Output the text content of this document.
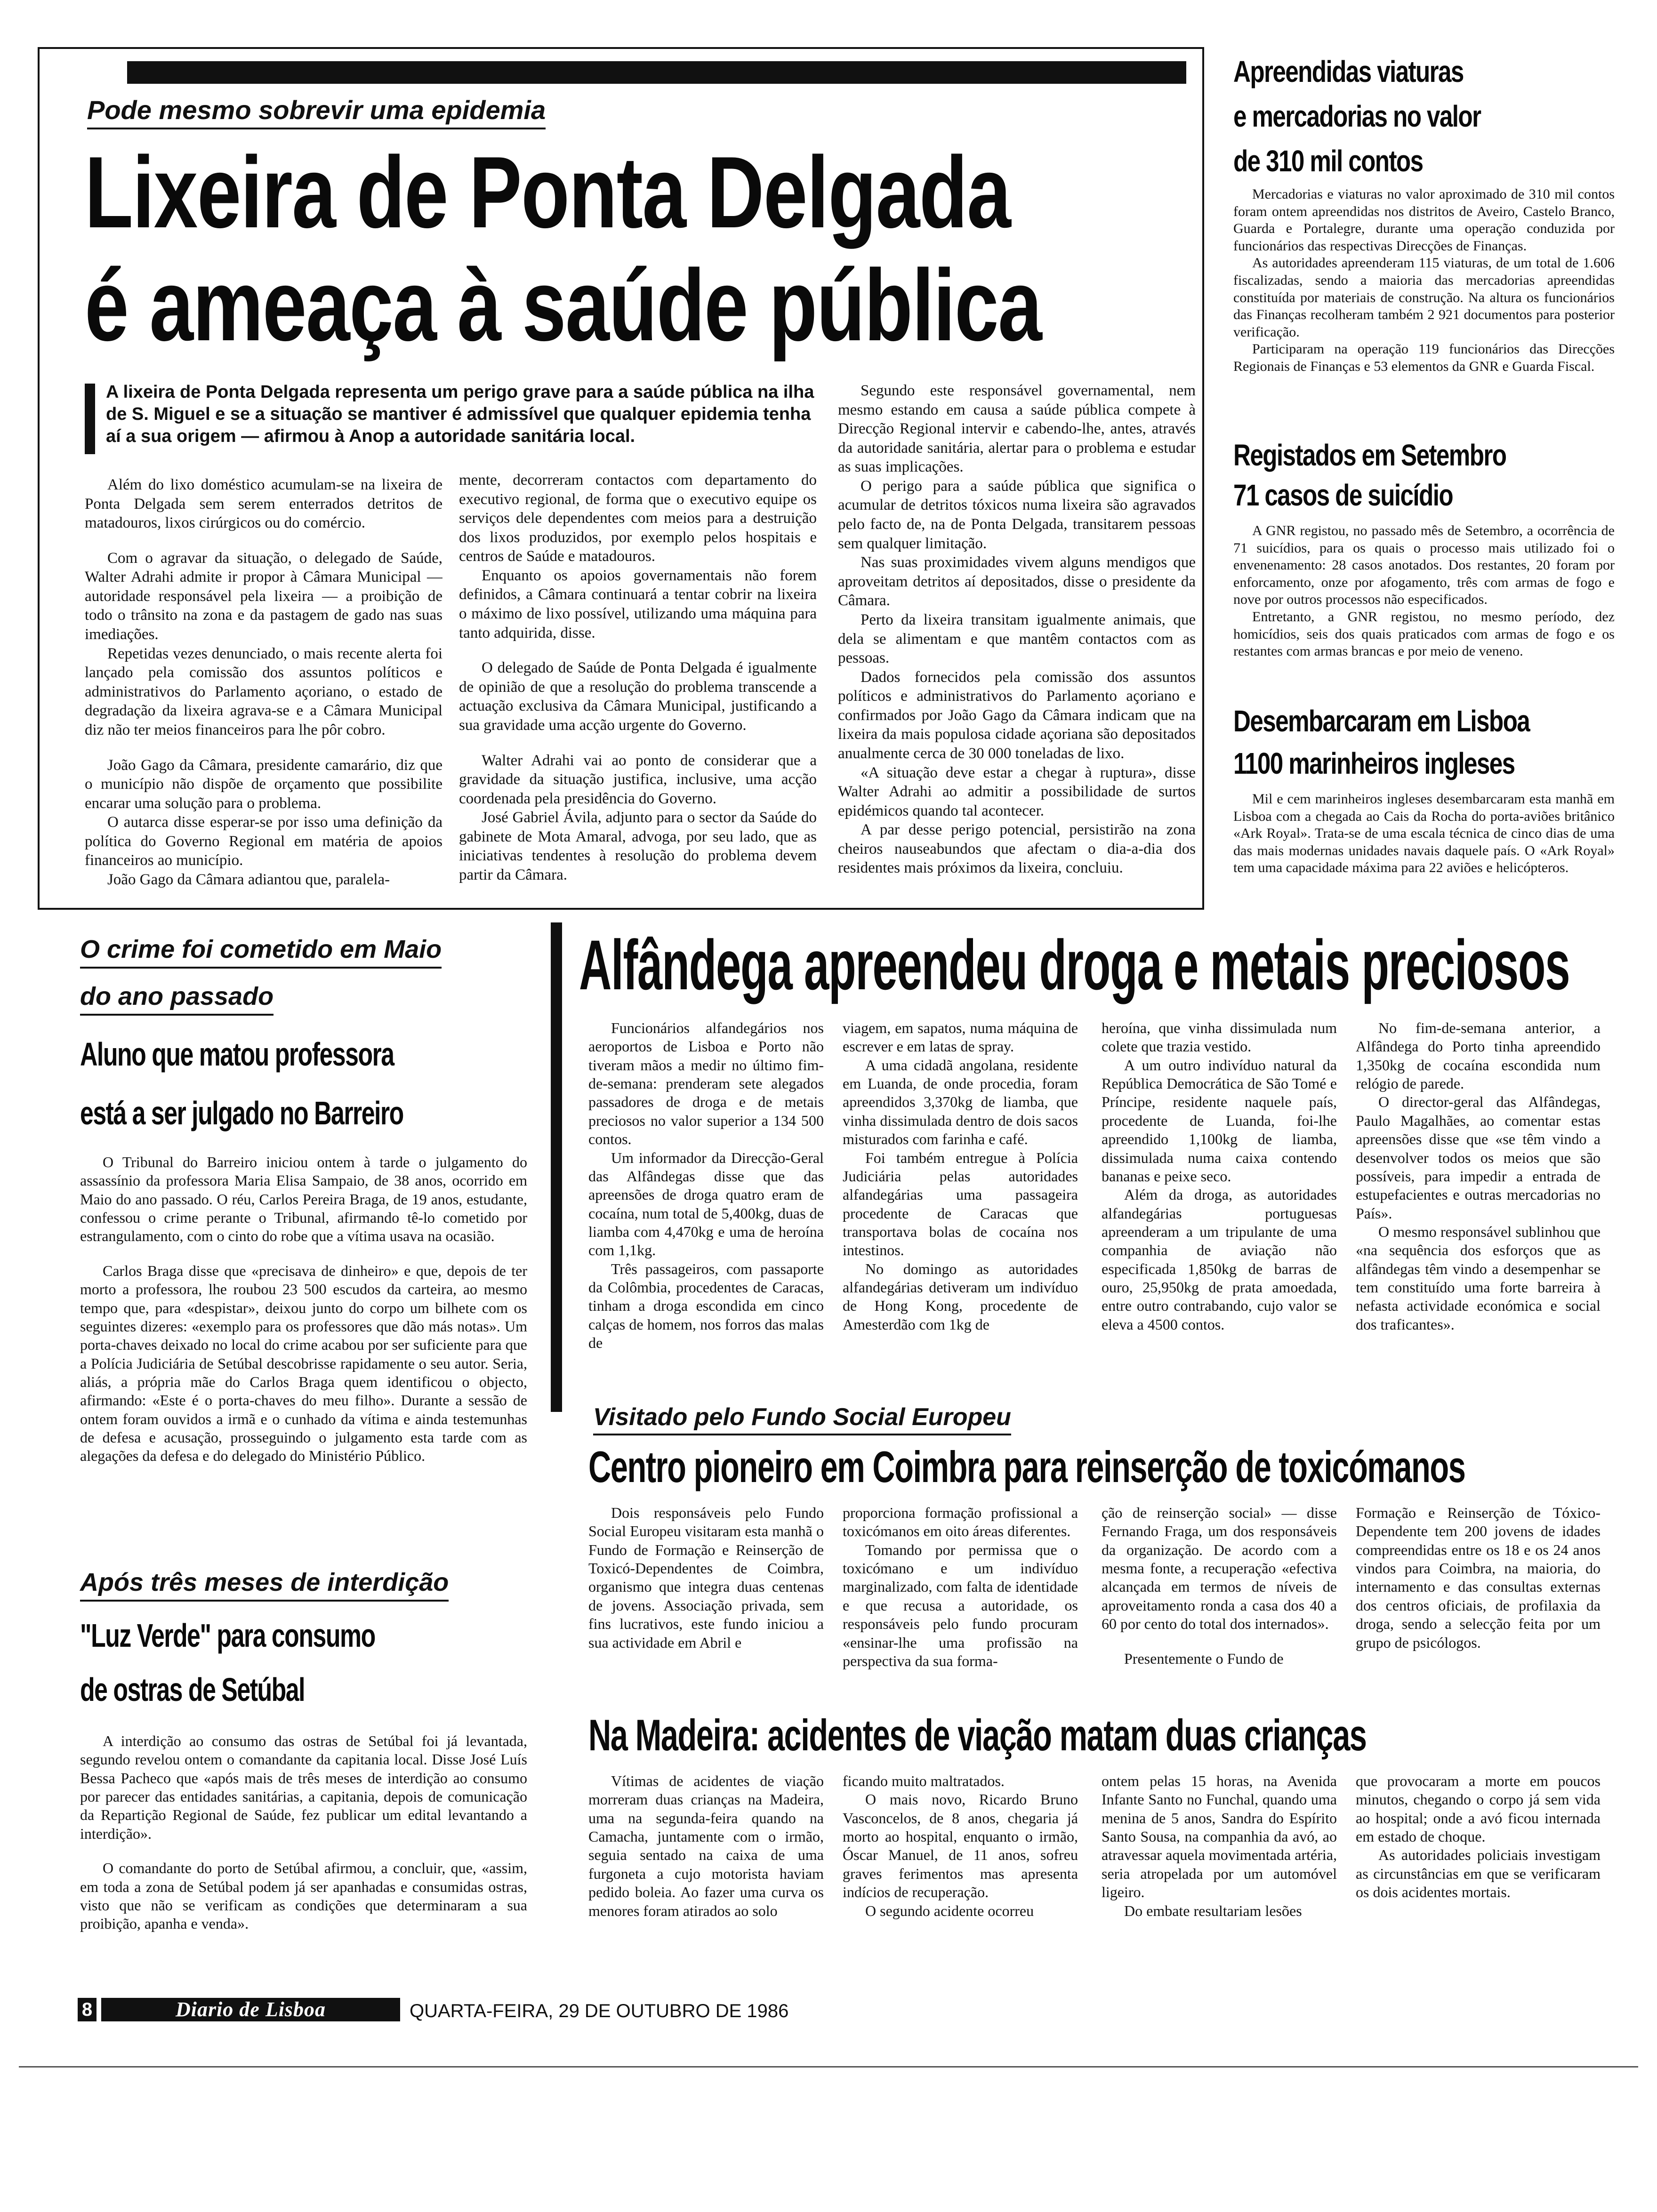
Pode mesmo sobrevir uma epidemia
Lixeira de Ponta Delgada
é ameaça à saúde pública
A lixeira de Ponta Delgada representa um perigo grave para a saúde pública na ilha de S. Miguel e se a situação se mantiver é admissível que qualquer epidemia tenha aí a sua origem — afirmou à Anop a autoridade sanitária local.

Além do lixo doméstico acumulam-se na lixeira de Ponta Delgada sem serem enterrados detritos de matadouros, lixos cirúrgicos ou do comércio.

Com o agravar da situação, o delegado de Saúde, Walter Adrahi admite ir propor à Câmara Municipal — autoridade responsável pela lixeira — a proibição de todo o trânsito na zona e da pastagem de gado nas suas imediações.

Repetidas vezes denunciado, o mais recente alerta foi lançado pela comissão dos assuntos políticos e administrativos do Parlamento açoriano, o estado de degradação da lixeira agrava-se e a Câmara Municipal diz não ter meios financeiros para lhe pôr cobro.

João Gago da Câmara, presidente camarário, diz que o município não dispõe de orçamento que possibilite encarar uma solução para o problema.

O autarca disse esperar-se por isso uma definição da política do Governo Regional em matéria de apoios financeiros ao município.

João Gago da Câmara adiantou que, paralela-

mente, decorreram contactos com departamento do executivo regional, de forma que o executivo equipe os serviços dele dependentes com meios para a destruição dos lixos produzidos, por exemplo pelos hospitais e centros de Saúde e matadouros.

Enquanto os apoios governamentais não forem definidos, a Câmara continuará a tentar cobrir na lixeira o máximo de lixo possível, utilizando uma máquina para tanto adquirida, disse.

O delegado de Saúde de Ponta Delgada é igualmente de opinião de que a resolução do problema transcende a actuação exclusiva da Câmara Municipal, justificando a sua gravidade uma acção urgente do Governo.

Walter Adrahi vai ao ponto de considerar que a gravidade da situação justifica, inclusive, uma acção coordenada pela presidência do Governo.

José Gabriel Ávila, adjunto para o sector da Saúde do gabinete de Mota Amaral, advoga, por seu lado, que as iniciativas tendentes à resolução do problema devem partir da Câmara.

Segundo este responsável governamental, nem mesmo estando em causa a saúde pública compete à Direcção Regional intervir e cabendo-lhe, antes, através da autoridade sanitária, alertar para o problema e estudar as suas implicações.

O perigo para a saúde pública que significa o acumular de detritos tóxicos numa lixeira são agravados pelo facto de, na de Ponta Delgada, transitarem pessoas sem qualquer limitação.

Nas suas proximidades vivem alguns mendigos que aproveitam detritos aí depositados, disse o presidente da Câmara.

Perto da lixeira transitam igualmente animais, que dela se alimentam e que mantêm contactos com as pessoas.

Dados fornecidos pela comissão dos assuntos políticos e administrativos do Parlamento açoriano e confirmados por João Gago da Câmara indicam que na lixeira da mais populosa cidade açoriana são depositados anualmente cerca de 30 000 toneladas de lixo.

«A situação deve estar a chegar à ruptura», disse Walter Adrahi ao admitir a possibilidade de surtos epidémicos quando tal acontecer.

A par desse perigo potencial, persistirão na zona cheiros nauseabundos que afectam o dia-a-dia dos residentes mais próximos da lixeira, concluiu.

Apreendidas viaturas
e mercadorias no valor
de 310 mil contos

Mercadorias e viaturas no valor aproximado de 310 mil contos foram ontem apreendidas nos distritos de Aveiro, Castelo Branco, Guarda e Portalegre, durante uma operação conduzida por funcionários das respectivas Direcções de Finanças.

As autoridades apreenderam 115 viaturas, de um total de 1.606 fiscalizadas, sendo a maioria das mercadorias apreendidas constituída por materiais de construção. Na altura os funcionários das Finanças recolheram também 2 921 documentos para posterior verificação.

Participaram na operação 119 funcionários das Direcções Regionais de Finanças e 53 elementos da GNR e Guarda Fiscal.

Registados em Setembro
71 casos de suicídio

A GNR registou, no passado mês de Setembro, a ocorrência de 71 suicídios, para os quais o processo mais utilizado foi o envenenamento: 28 casos anotados. Dos restantes, 20 foram por enforcamento, onze por afogamento, três com armas de fogo e nove por outros processos não especificados.

Entretanto, a GNR registou, no mesmo período, dez homicídios, seis dos quais praticados com armas de fogo e os restantes com armas brancas e por meio de veneno.

Desembarcaram em Lisboa
1100 marinheiros ingleses

Mil e cem marinheiros ingleses desembarcaram esta manhã em Lisboa com a chegada ao Cais da Rocha do porta-aviões britânico «Ark Royal». Trata-se de uma escala técnica de cinco dias de uma das mais modernas unidades navais daquele país. O «Ark Royal» tem uma capacidade máxima para 22 aviões e helicópteros.

O crime foi cometido em Maio
do ano passado
Aluno que matou professora
está a ser julgado no Barreiro

O Tribunal do Barreiro iniciou ontem à tarde o julgamento do assassínio da professora Maria Elisa Sampaio, de 38 anos, ocorrido em Maio do ano passado. O réu, Carlos Pereira Braga, de 19 anos, estudante, confessou o crime perante o Tribunal, afirmando tê-lo cometido por estrangulamento, com o cinto do robe que a vítima usava na ocasião.

Carlos Braga disse que «precisava de dinheiro» e que, depois de ter morto a professora, lhe roubou 23 500 escudos da carteira, ao mesmo tempo que, para «despistar», deixou junto do corpo um bilhete com os seguintes dizeres: «exemplo para os professores que dão más notas». Um porta-chaves deixado no local do crime acabou por ser suficiente para que a Polícia Judiciária de Setúbal descobrisse rapidamente o seu autor. Seria, aliás, a própria mãe do Carlos Braga quem identificou o objecto, afirmando: «Este é o porta-chaves do meu filho». Durante a sessão de ontem foram ouvidos a irmã e o cunhado da vítima e ainda testemunhas de defesa e acusação, prosseguindo o julgamento esta tarde com as alegações da defesa e do delegado do Ministério Público.

Após três meses de interdição
"Luz Verde" para consumo
de ostras de Setúbal

A interdição ao consumo das ostras de Setúbal foi já levantada, segundo revelou ontem o comandante da capitania local. Disse José Luís Bessa Pacheco que «após mais de três meses de interdição ao consumo por parecer das entidades sanitárias, a capitania, depois de comunicação da Repartição Regional de Saúde, fez publicar um edital levantando a interdição».

O comandante do porto de Setúbal afirmou, a concluir, que, «assim, em toda a zona de Setúbal podem já ser apanhadas e consumidas ostras, visto que não se verificam as condições que determinaram a sua proibição, apanha e venda».

Alfândega apreendeu droga e metais preciosos

Funcionários alfandegários nos aeroportos de Lisboa e Porto não tiveram mãos a medir no último fim-de-semana: prenderam sete alegados passadores de droga e de metais preciosos no valor superior a 134 500 contos.

Um informador da Direcção-Geral das Alfândegas disse que das apreensões de droga quatro eram de cocaína, num total de 5,400kg, duas de liamba com 4,470kg e uma de heroína com 1,1kg.

Três passageiros, com passaporte da Colômbia, procedentes de Caracas, tinham a droga escondida em cinco calças de homem, nos forros das malas de

viagem, em sapatos, numa máquina de escrever e em latas de spray.

A uma cidadã angolana, residente em Luanda, de onde procedia, foram apreendidos 3,370kg de liamba, que vinha dissimulada dentro de dois sacos misturados com farinha e café.

Foi também entregue à Polícia Judiciária pelas autoridades alfandegárias uma passageira procedente de Caracas que transportava bolas de cocaína nos intestinos.

No domingo as autoridades alfandegárias detiveram um indivíduo de Hong Kong, procedente de Amesterdão com 1kg de

heroína, que vinha dissimulada num colete que trazia vestido.

A um outro indivíduo natural da República Democrática de São Tomé e Príncipe, residente naquele país, procedente de Luanda, foi-lhe apreendido 1,100kg de liamba, dissimulada numa caixa contendo bananas e peixe seco.

Além da droga, as autoridades alfandegárias portuguesas apreenderam a um tripulante de uma companhia de aviação não especificada 1,850kg de barras de ouro, 25,950kg de prata amoedada, entre outro contrabando, cujo valor se eleva a 4500 contos.

No fim-de-semana anterior, a Alfândega do Porto tinha apreendido 1,350kg de cocaína escondida num relógio de parede.

O director-geral das Alfândegas, Paulo Magalhães, ao comentar estas apreensões disse que «se têm vindo a desenvolver todos os meios que são possíveis, para impedir a entrada de estupefacientes e outras mercadorias no País».

O mesmo responsável sublinhou que «na sequência dos esforços que as alfândegas têm vindo a desempenhar se tem constituído uma forte barreira à nefasta actividade económica e social dos traficantes».

Visitado pelo Fundo Social Europeu
Centro pioneiro em Coimbra para reinserção de toxicómanos

Dois responsáveis pelo Fundo Social Europeu visitaram esta manhã o Fundo de Formação e Reinserção de Toxicó-Dependentes de Coimbra, organismo que integra duas centenas de jovens. Associação privada, sem fins lucrativos, este fundo iniciou a sua actividade em Abril e

proporciona formação profissional a toxicómanos em oito áreas diferentes.

Tomando por permissa que o toxicómano e um indivíduo marginalizado, com falta de identidade e que recusa a autoridade, os responsáveis pelo fundo procuram «ensinar-lhe uma profissão na perspectiva da sua forma-

ção de reinserção social» — disse Fernando Fraga, um dos responsáveis da organização. De acordo com a mesma fonte, a recuperação «efectiva alcançada em termos de níveis de aproveitamento ronda a casa dos 40 a 60 por cento do total dos internados».

Presentemente o Fundo de

Formação e Reinserção de Tóxico-Dependente tem 200 jovens de idades compreendidas entre os 18 e os 24 anos vindos para Coimbra, na maioria, do internamento e das consultas externas dos centros oficiais, de profilaxia da droga, sendo a selecção feita por um grupo de psicólogos.

Na Madeira: acidentes de viação matam duas crianças

Vítimas de acidentes de viação morreram duas crianças na Madeira, uma na segunda-feira quando na Camacha, juntamente com o irmão, seguia sentado na caixa de uma furgoneta a cujo motorista haviam pedido boleia. Ao fazer uma curva os menores foram atirados ao solo

ficando muito maltratados.

O mais novo, Ricardo Bruno Vasconcelos, de 8 anos, chegaria já morto ao hospital, enquanto o irmão, Óscar Manuel, de 11 anos, sofreu graves ferimentos mas apresenta indícios de recuperação.

O segundo acidente ocorreu

ontem pelas 15 horas, na Avenida Infante Santo no Funchal, quando uma menina de 5 anos, Sandra do Espírito Santo Sousa, na companhia da avó, ao atravessar aquela movimentada artéria, seria atropelada por um automóvel ligeiro.

Do embate resultariam lesões

que provocaram a morte em poucos minutos, chegando o corpo já sem vida ao hospital; onde a avó ficou internada em estado de choque.

As autoridades policiais investigam as circunstâncias em que se verificaram os dois acidentes mortais.

8	Diario de Lisboa	QUARTA-FEIRA, 29 DE OUTUBRO DE 1986
